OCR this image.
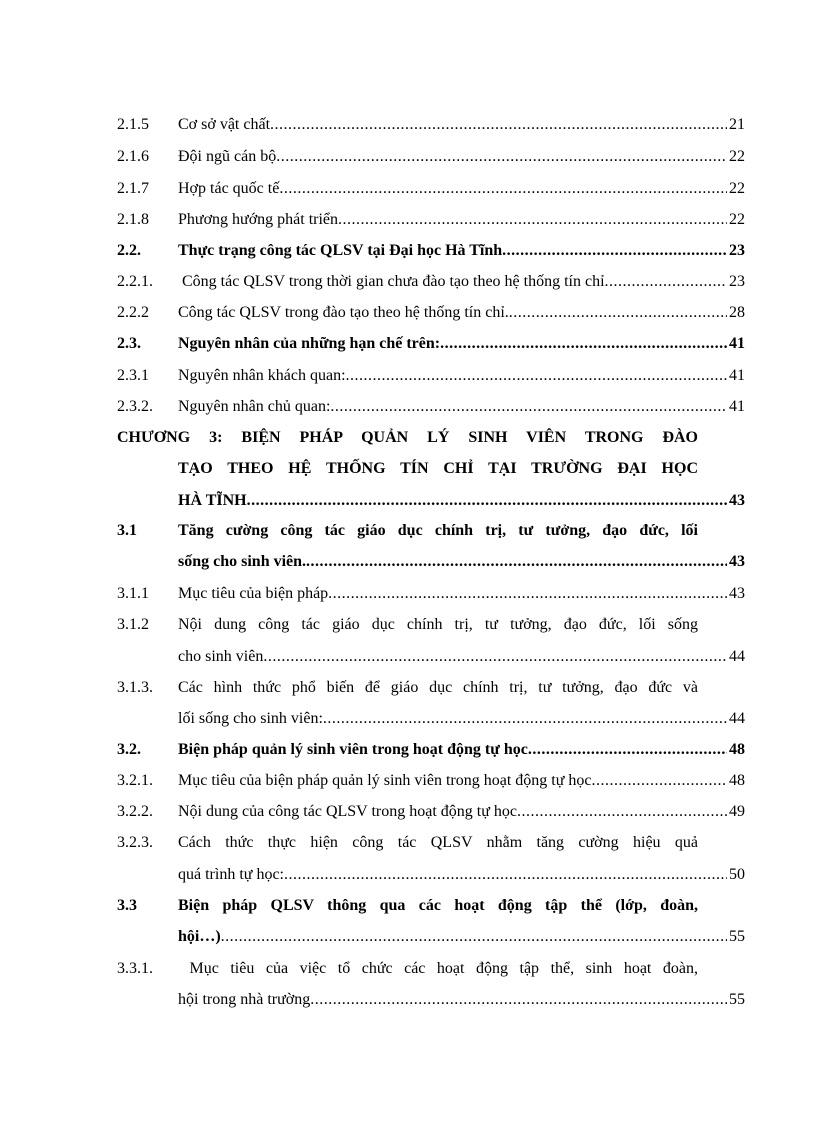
2.1.5 Cơ sở vật chất .....	21
2.1.6 Đội ngũ cán bộ .....	22
2.1.7 Hợp tác quốc tế .....	22
2.1.8 Phương hướng phát triển .....	22
2.2. Thực trạng công tác QLSV tại Đại học Hà Tĩnh .....	23
2.2.1. Công tác QLSV trong thời gian chưa đào tạo theo hệ thống tín chỉ .....	23
2.2.2 Công tác QLSV trong đào tạo theo hệ thống tín chỉ. .....	28
2.3. Nguyên nhân của những hạn chế trên: .....	41
2.3.1 Nguyên nhân khách quan: .....	41
2.3.2. Nguyên nhân chủ quan: .....	41
CHƯƠNG 3: BIỆN PHÁP QUẢN LÝ SINH VIÊN TRONG ĐÀO
TẠO THEO HỆ THỐNG TÍN CHỈ TẠI TRƯỜNG ĐẠI HỌC
HÀ TĨNH .....	43
3.1	Tăng cường công tác giáo dục chính trị, tư tưởng, đạo đức, lối
sống cho sinh viên. .....	43
3.1.1 Mục tiêu của biện pháp .....	43
3.1.2 Nội dung công tác giáo dục chính trị, tư tưởng, đạo đức, lối sống
cho sinh viên .....	44
3.1.3. Các hình thức phổ biến để giáo dục chính trị, tư tưởng, đạo đức và
lối sống cho sinh viên: .....	44
3.2. Biện pháp quản lý sinh viên trong hoạt động tự học .....	48
3.2.1. Mục tiêu của biện pháp quản lý sinh viên trong hoạt động tự học .....	48
3.2.2. Nội dung của công tác QLSV trong hoạt động tự học .....	49
3.2.3. Cách thức thực hiện công tác QLSV nhằm tăng cường hiệu quả
quá trình tự học: .....	50
3.3	Biện pháp QLSV thông qua các hoạt động tập thể (lớp, đoàn,
hội…) .....	55
3.3.1. Mục tiêu của việc tổ chức các hoạt động tập thể, sinh hoạt đoàn,
hội trong nhà trường .....	55
